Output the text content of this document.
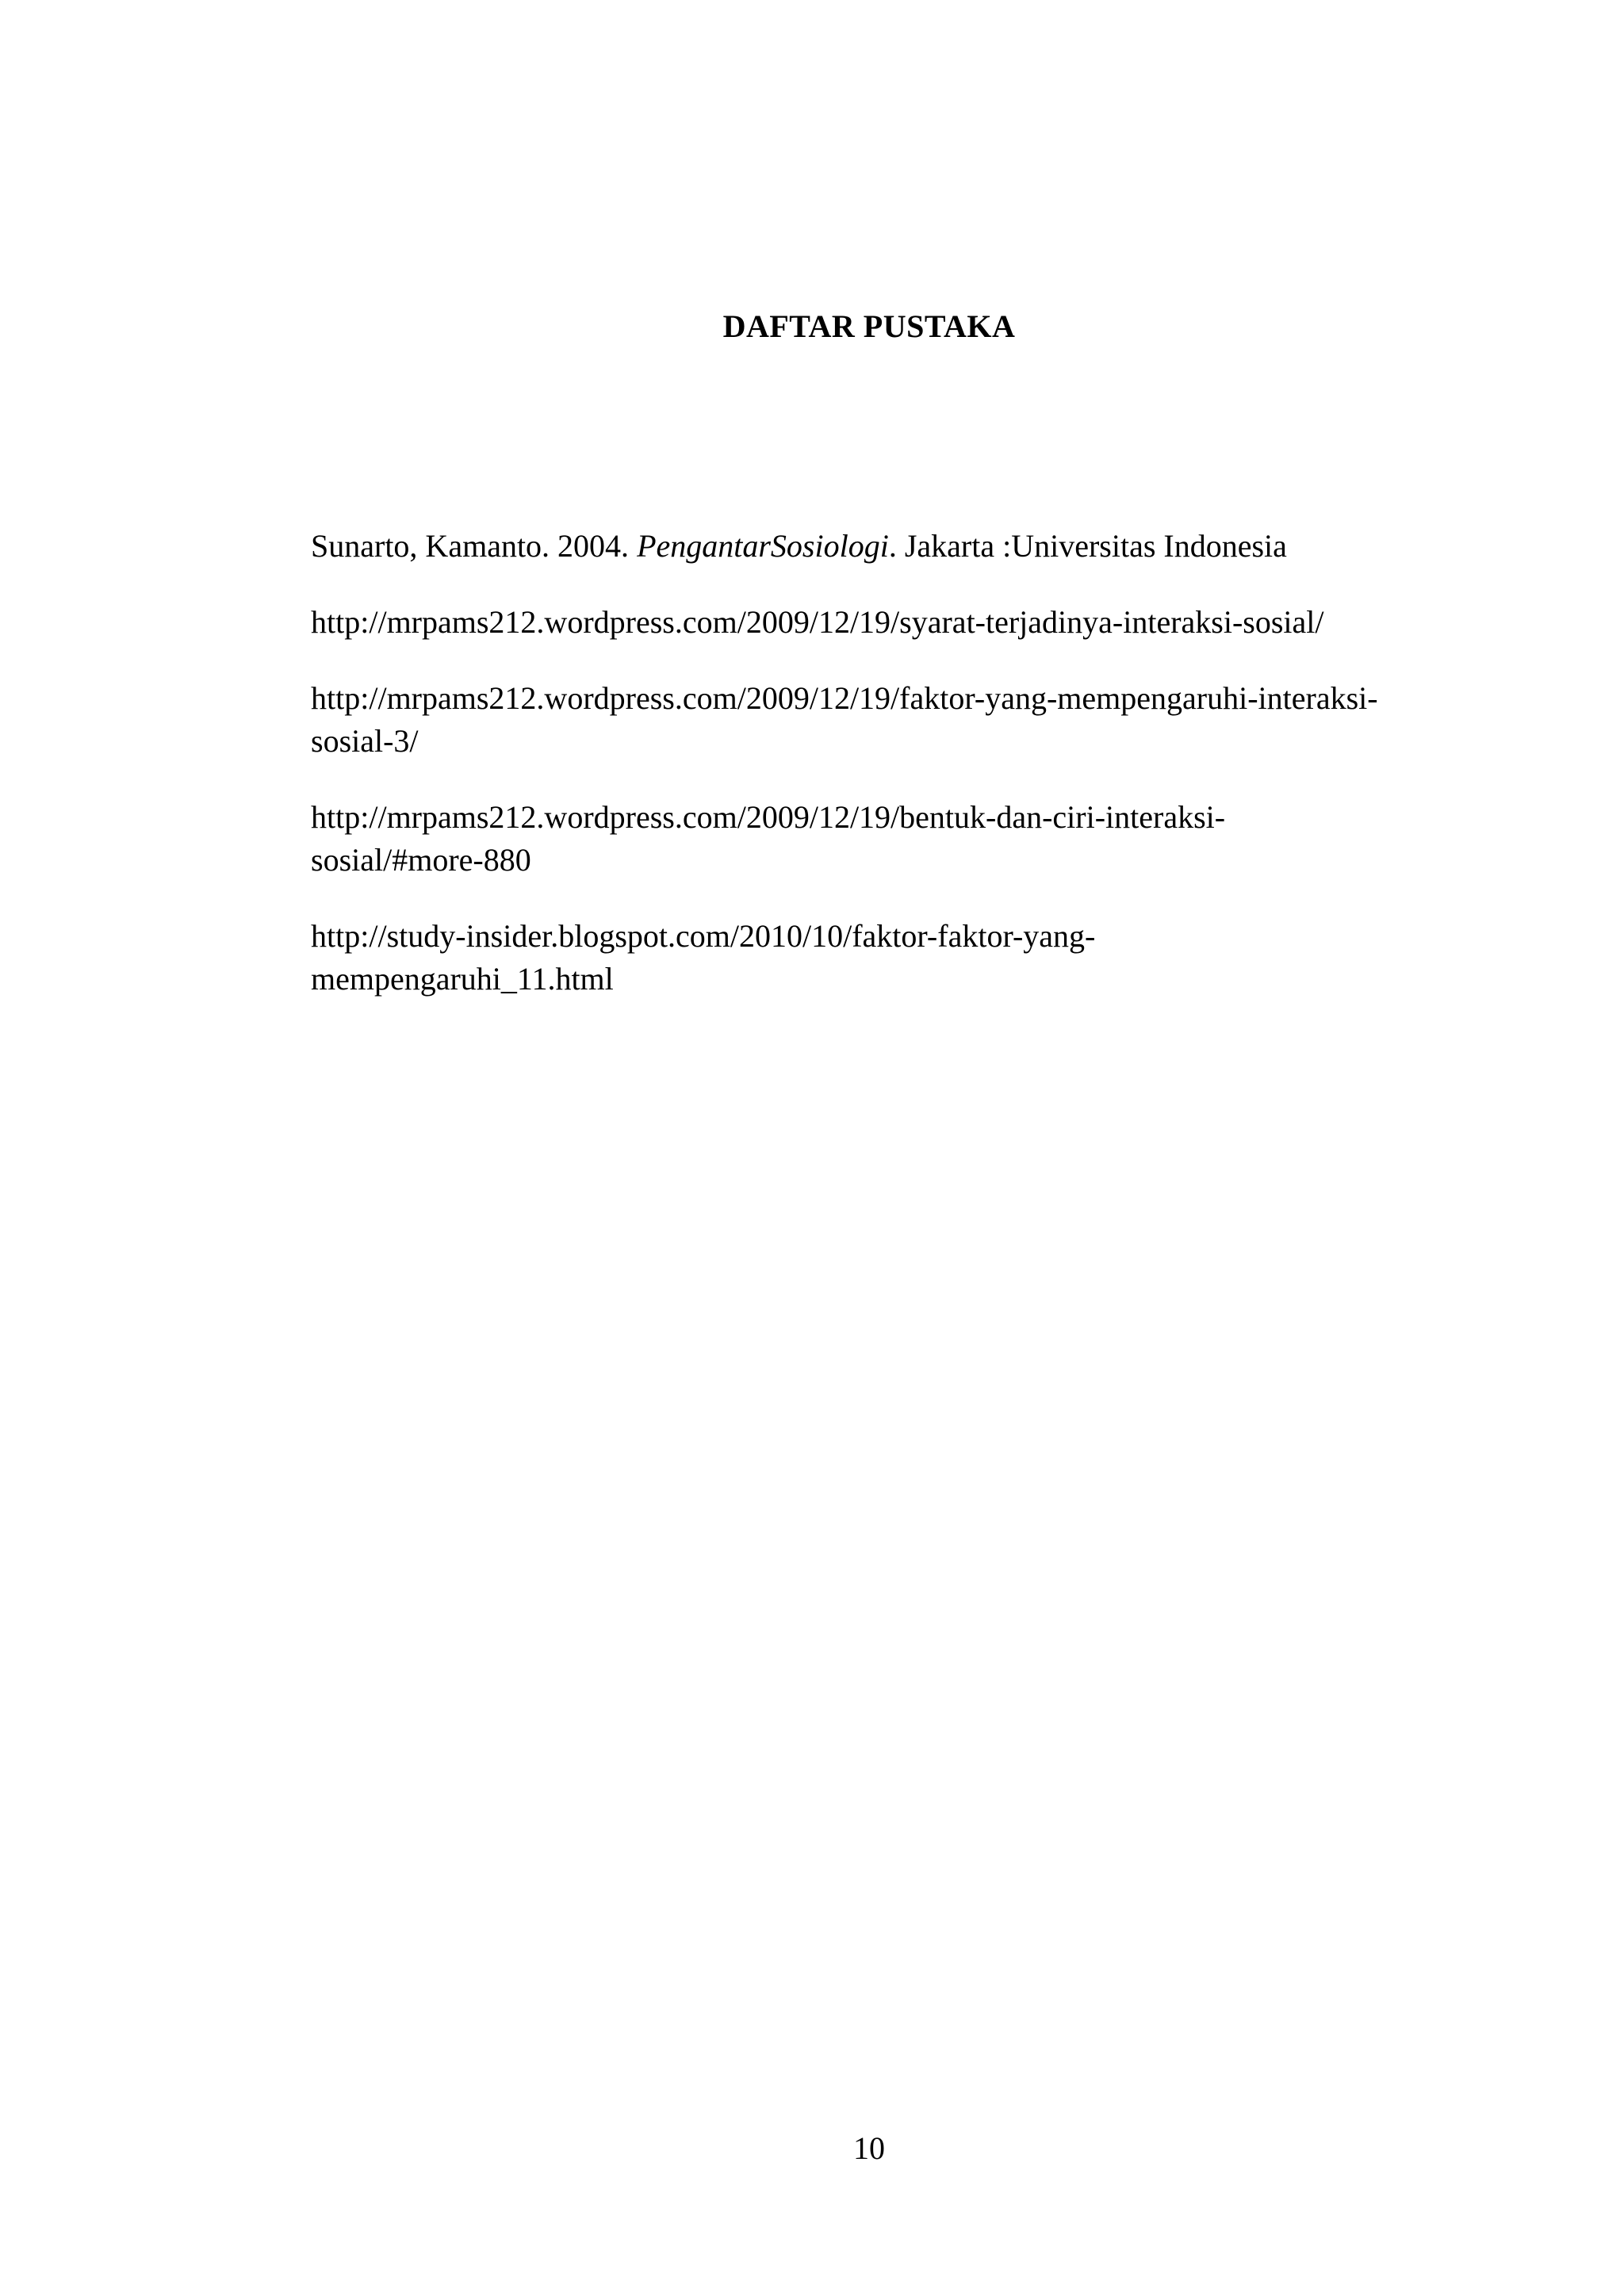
DAFTAR PUSTAKA

Sunarto, Kamanto. 2004. PengantarSosiologi. Jakarta :Universitas Indonesia

http://mrpams212.wordpress.com/2009/12/19/syarat-terjadinya-interaksi-sosial/

http://mrpams212.wordpress.com/2009/12/19/faktor-yang-mempengaruhi-interaksi-
sosial-3/

http://mrpams212.wordpress.com/2009/12/19/bentuk-dan-ciri-interaksi-
sosial/#more-880

http://study-insider.blogspot.com/2010/10/faktor-faktor-yang-
mempengaruhi_11.html

10
